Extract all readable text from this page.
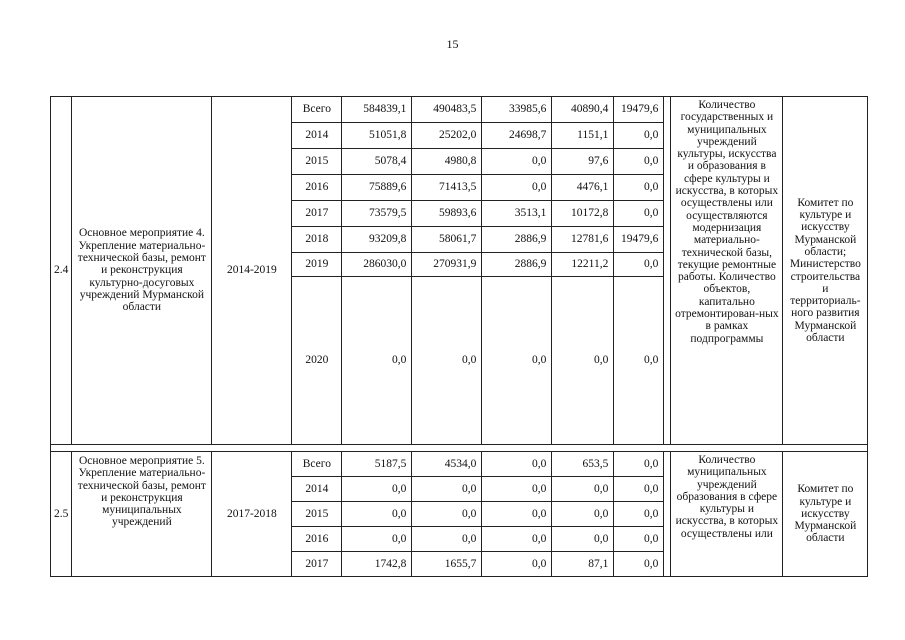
15
2.4	Основное мероприятие 4. Укрепление материально-технической базы, ремонт и реконструкция культурно-досуговых учреждений Мурманской области	2014-2019	Всего	584839,1	490483,5	33985,6	40890,4	19479,6		Количество государственных и муниципальных учреждений культуры, искусства и образования в сфере культуры и искусства, в которых осуществлены или осуществляются модернизация материально-технической базы, текущие ремонтные работы. Количество объектов, капитально отремонтирован-ных в рамках подпрограммы	Комитет по культуре и искусству Мурманской области; Министерство строительства и территориаль-ного развития Мурманской области
			2014	51051,8	25202,0	24698,7	1151,1	0,0			
			2015	5078,4	4980,8	0,0	97,6	0,0			
			2016	75889,6	71413,5	0,0	4476,1	0,0			
			2017	73579,5	59893,6	3513,1	10172,8	0,0			
			2018	93209,8	58061,7	2886,9	12781,6	19479,6			
			2019	286030,0	270931,9	2886,9	12211,2	0,0			
			2020	0,0	0,0	0,0	0,0	0,0			

2.5	Основное мероприятие 5. Укрепление материально-технической базы, ремонт и реконструкция муниципальных учреждений	2017-2018	Всего	5187,5	4534,0	0,0	653,5	0,0		Количество муниципальных учреждений образования в сфере культуры и искусства, в которых осуществлены или	Комитет по культуре и искусству Мурманской области
			2014	0,0	0,0	0,0	0,0	0,0			
			2015	0,0	0,0	0,0	0,0	0,0			
			2016	0,0	0,0	0,0	0,0	0,0			
			2017	1742,8	1655,7	0,0	87,1	0,0			
